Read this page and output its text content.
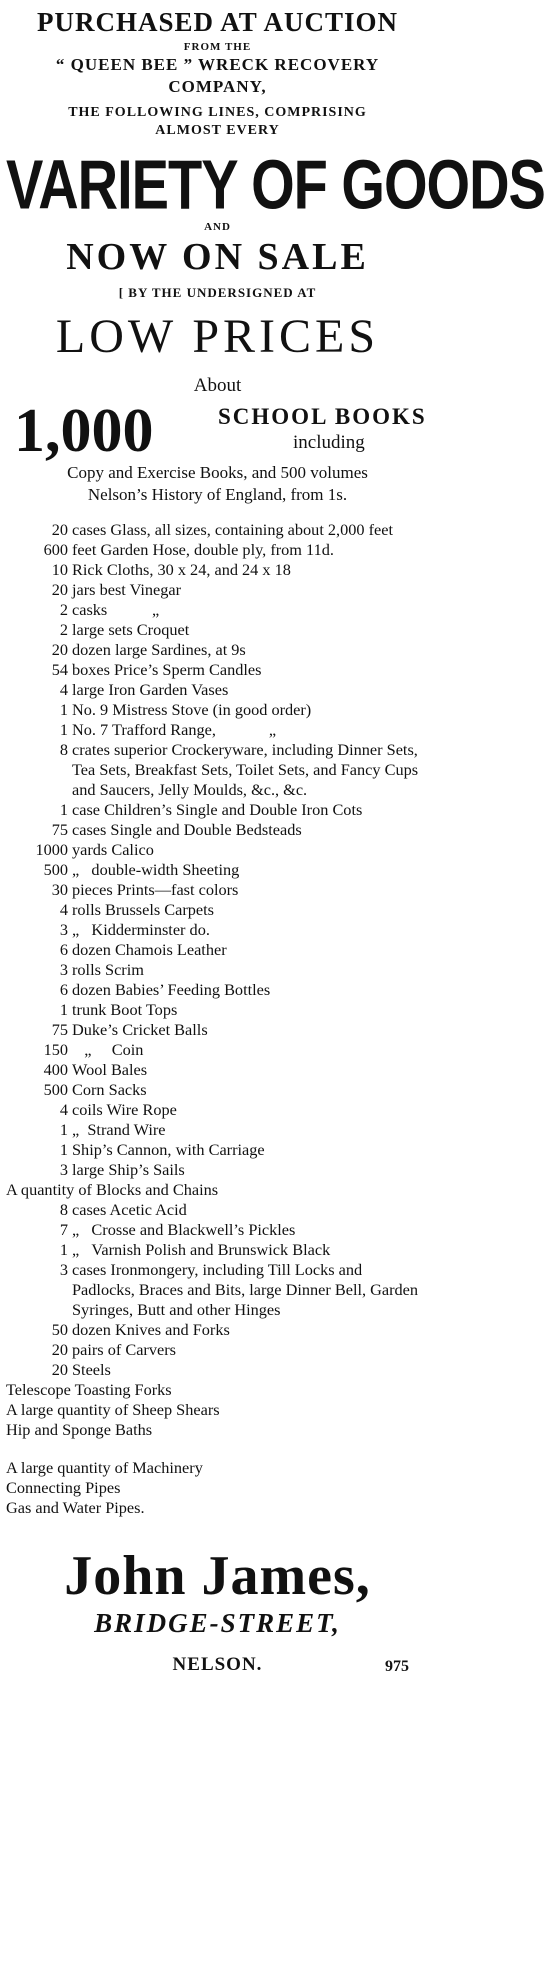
PURCHASED AT AUCTION
FROM THE
“ QUEEN BEE ” WRECK RECOVERY
COMPANY,
THE FOLLOWING LINES, COMPRISING
ALMOST EVERY
VARIETY OF GOODS
AND
NOW ON SALE
[ BY THE UNDERSIGNED AT
LOW PRICES
About
1,000	SCHOOL BOOKS
including
Copy and Exercise Books, and 500 volumes
Nelson’s History of England, from 1s.
20 cases Glass, all sizes, containing about 2,000 feet
600 feet Garden Hose, double ply, from 11d.
10 Rick Cloths, 30 x 24, and 24 x 18
20 jars best Vinegar
2 casks           „
2 large sets Croquet
20 dozen large Sardines, at 9s
54 boxes Price’s Sperm Candles
4 large Iron Garden Vases
1 No. 9 Mistress Stove (in good order)
1 No. 7 Trafford Range,             „
8 crates superior Crockeryware, including Dinner Sets, Tea Sets, Breakfast Sets, Toilet Sets, and Fancy Cups and Saucers, Jelly Moulds, &c., &c.
1 case Children’s Single and Double Iron Cots
75 cases Single and Double Bedsteads
1000 yards Calico
500 „   double-width Sheeting
30 pieces Prints—fast colors
4 rolls Brussels Carpets
3 „   Kidderminster do.
6 dozen Chamois Leather
3 rolls Scrim
6 dozen Babies’ Feeding Bottles
1 trunk Boot Tops
75 Duke’s Cricket Balls
150 „     Coin
400 Wool Bales
500 Corn Sacks
4 coils Wire Rope
1 „  Strand Wire
1 Ship’s Cannon, with Carriage
3 large Ship’s Sails
A quantity of Blocks and Chains
8 cases Acetic Acid
7 „   Crosse and Blackwell’s Pickles
1 „   Varnish Polish and Brunswick Black
3 cases Ironmongery, including Till Locks and Padlocks, Braces and Bits, large Dinner Bell, Garden Syringes, Butt and other Hinges
50 dozen Knives and Forks
20 pairs of Carvers
20 Steels
Telescope Toasting Forks
A large quantity of Sheep Shears
Hip and Sponge Baths
A large quantity of Machinery
Connecting Pipes
Gas and Water Pipes.
John James,
BRIDGE-STREET,
NELSON.	975
